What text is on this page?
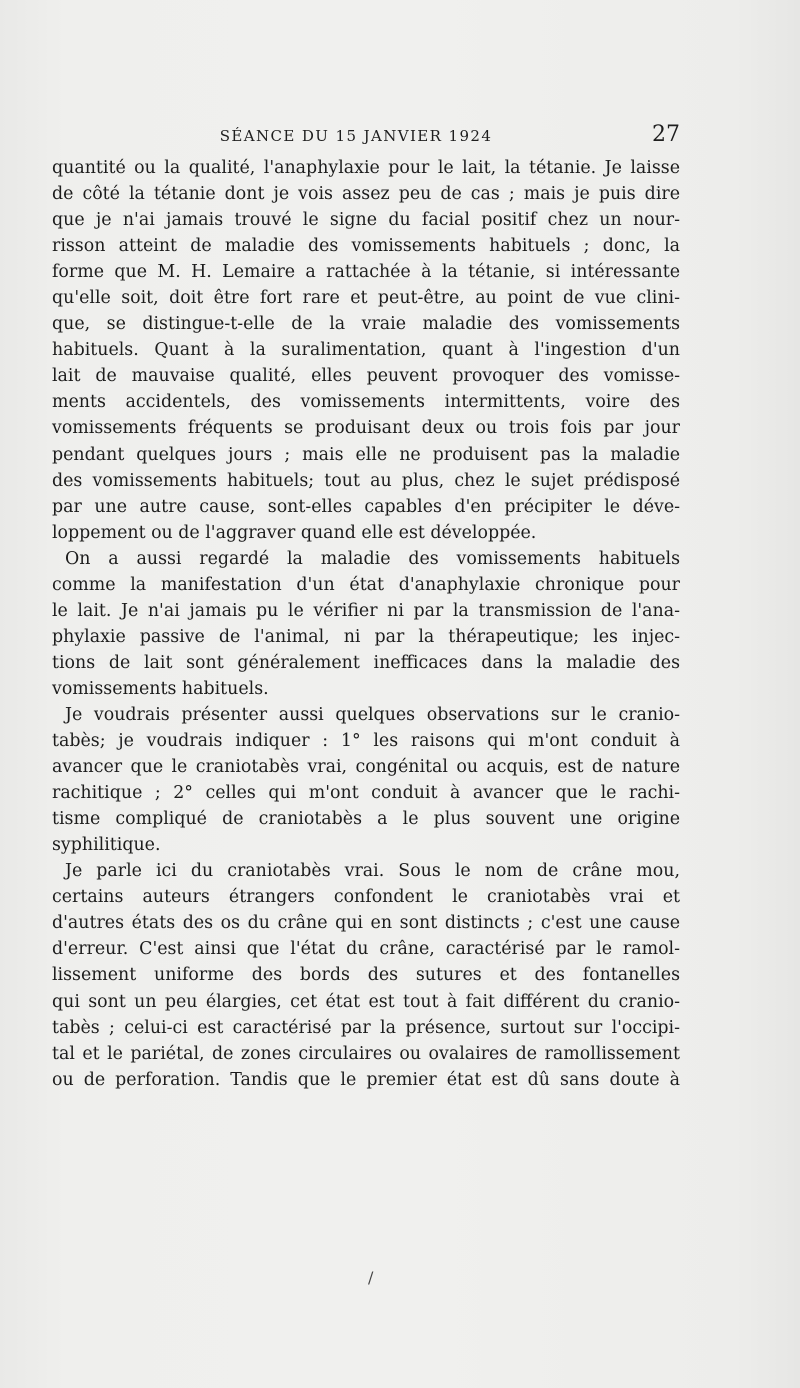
SÉANCE DU 15 JANVIER 1924	27
quantité ou la qualité, l'anaphylaxie pour le lait, la tétanie. Je laisse
de côté la tétanie dont je vois assez peu de cas ; mais je puis dire
que je n'ai jamais trouvé le signe du facial positif chez un nour-
risson atteint de maladie des vomissements habituels ; donc, la
forme que M. H. Lemaire a rattachée à la tétanie, si intéressante
qu'elle soit, doit être fort rare et peut-être, au point de vue clini-
que, se distingue-t-elle de la vraie maladie des vomissements
habituels. Quant à la suralimentation, quant à l'ingestion d'un
lait de mauvaise qualité, elles peuvent provoquer des vomisse-
ments accidentels, des vomissements intermittents, voire des
vomissements fréquents se produisant deux ou trois fois par jour
pendant quelques jours ; mais elle ne produisent pas la maladie
des vomissements habituels; tout au plus, chez le sujet prédisposé
par une autre cause, sont-elles capables d'en précipiter le déve-
loppement ou de l'aggraver quand elle est développée.
On a aussi regardé la maladie des vomissements habituels
comme la manifestation d'un état d'anaphylaxie chronique pour
le lait. Je n'ai jamais pu le vérifier ni par la transmission de l'ana-
phylaxie passive de l'animal, ni par la thérapeutique; les injec-
tions de lait sont généralement inefficaces dans la maladie des
vomissements habituels.
Je voudrais présenter aussi quelques observations sur le cranio-
tabès; je voudrais indiquer : 1° les raisons qui m'ont conduit à
avancer que le craniotabès vrai, congénital ou acquis, est de nature
rachitique ; 2° celles qui m'ont conduit à avancer que le rachi-
tisme compliqué de craniotabès a le plus souvent une origine
syphilitique.
Je parle ici du craniotabès vrai. Sous le nom de crâne mou,
certains auteurs étrangers confondent le craniotabès vrai et
d'autres états des os du crâne qui en sont distincts ; c'est une cause
d'erreur. C'est ainsi que l'état du crâne, caractérisé par le ramol-
lissement uniforme des bords des sutures et des fontanelles
qui sont un peu élargies, cet état est tout à fait différent du cranio-
tabès ; celui-ci est caractérisé par la présence, surtout sur l'occipi-
tal et le pariétal, de zones circulaires ou ovalaires de ramollissement
ou de perforation. Tandis que le premier état est dû sans doute à
/
